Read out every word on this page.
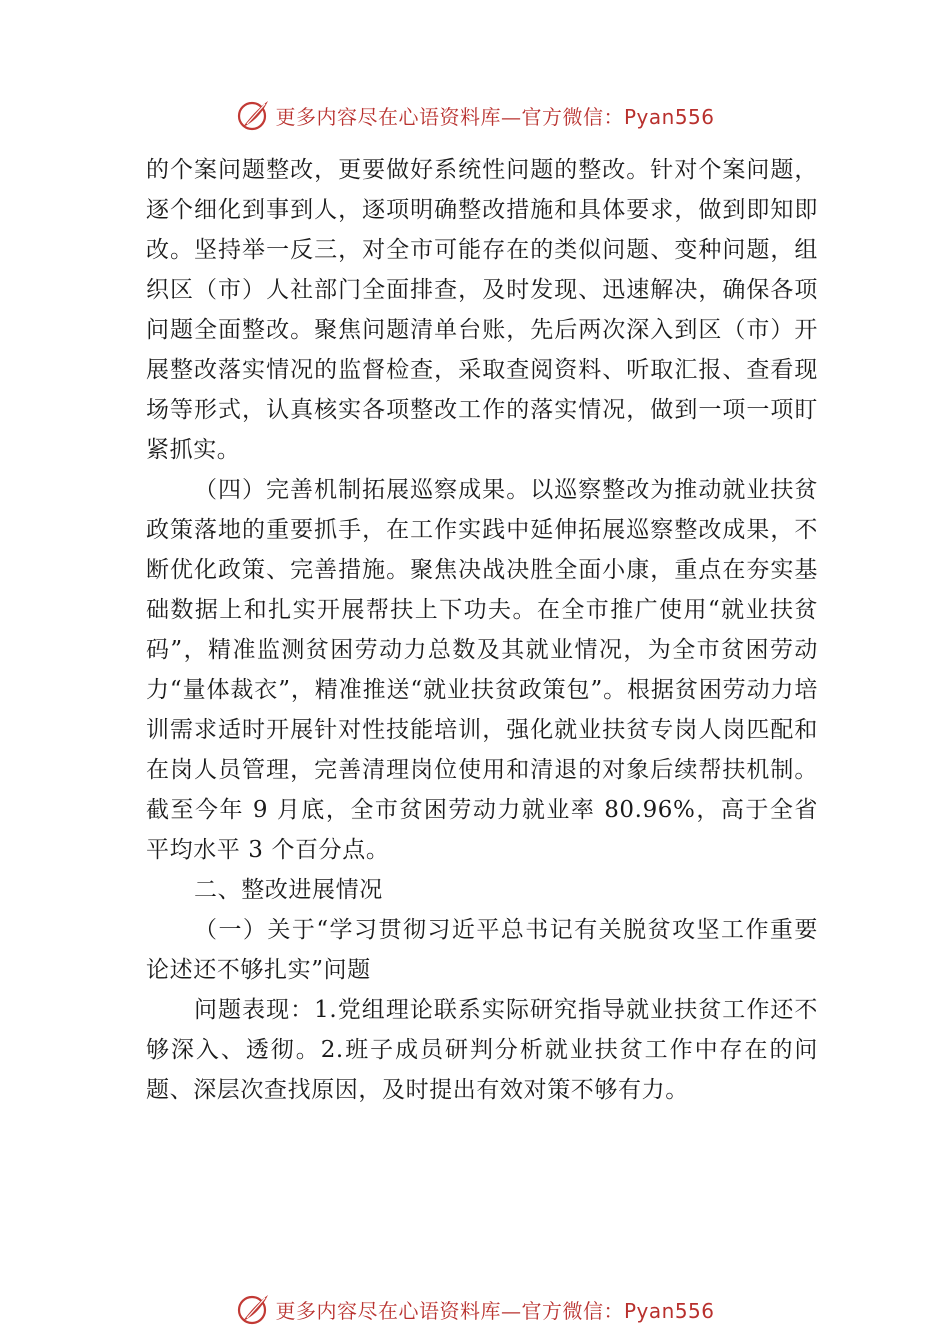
更多内容尽在心语资料库—官方微信：Pyan556

的个案问题整改，更要做好系统性问题的整改。针对个案问题，逐个细化到事到人，逐项明确整改措施和具体要求，做到即知即改。坚持举一反三，对全市可能存在的类似问题、变种问题，组织区（市）人社部门全面排查，及时发现、迅速解决，确保各项问题全面整改。聚焦问题清单台账，先后两次深入到区（市）开展整改落实情况的监督检查，采取查阅资料、听取汇报、查看现场等形式，认真核实各项整改工作的落实情况，做到一项一项盯紧抓实。

（四）完善机制拓展巡察成果。以巡察整改为推动就业扶贫政策落地的重要抓手，在工作实践中延伸拓展巡察整改成果，不断优化政策、完善措施。聚焦决战决胜全面小康，重点在夯实基础数据上和扎实开展帮扶上下功夫。在全市推广使用“就业扶贫码”，精准监测贫困劳动力总数及其就业情况，为全市贫困劳动力“量体裁衣”，精准推送“就业扶贫政策包”。根据贫困劳动力培训需求适时开展针对性技能培训，强化就业扶贫专岗人岗匹配和在岗人员管理，完善清理岗位使用和清退的对象后续帮扶机制。截至今年 9 月底，全市贫困劳动力就业率 80.96%，高于全省平均水平 3 个百分点。

二、整改进展情况

（一）关于“学习贯彻习近平总书记有关脱贫攻坚工作重要论述还不够扎实”问题

问题表现：1.党组理论联系实际研究指导就业扶贫工作还不够深入、透彻。2.班子成员研判分析就业扶贫工作中存在的问题、深层次查找原因，及时提出有效对策不够有力。

更多内容尽在心语资料库—官方微信：Pyan556
